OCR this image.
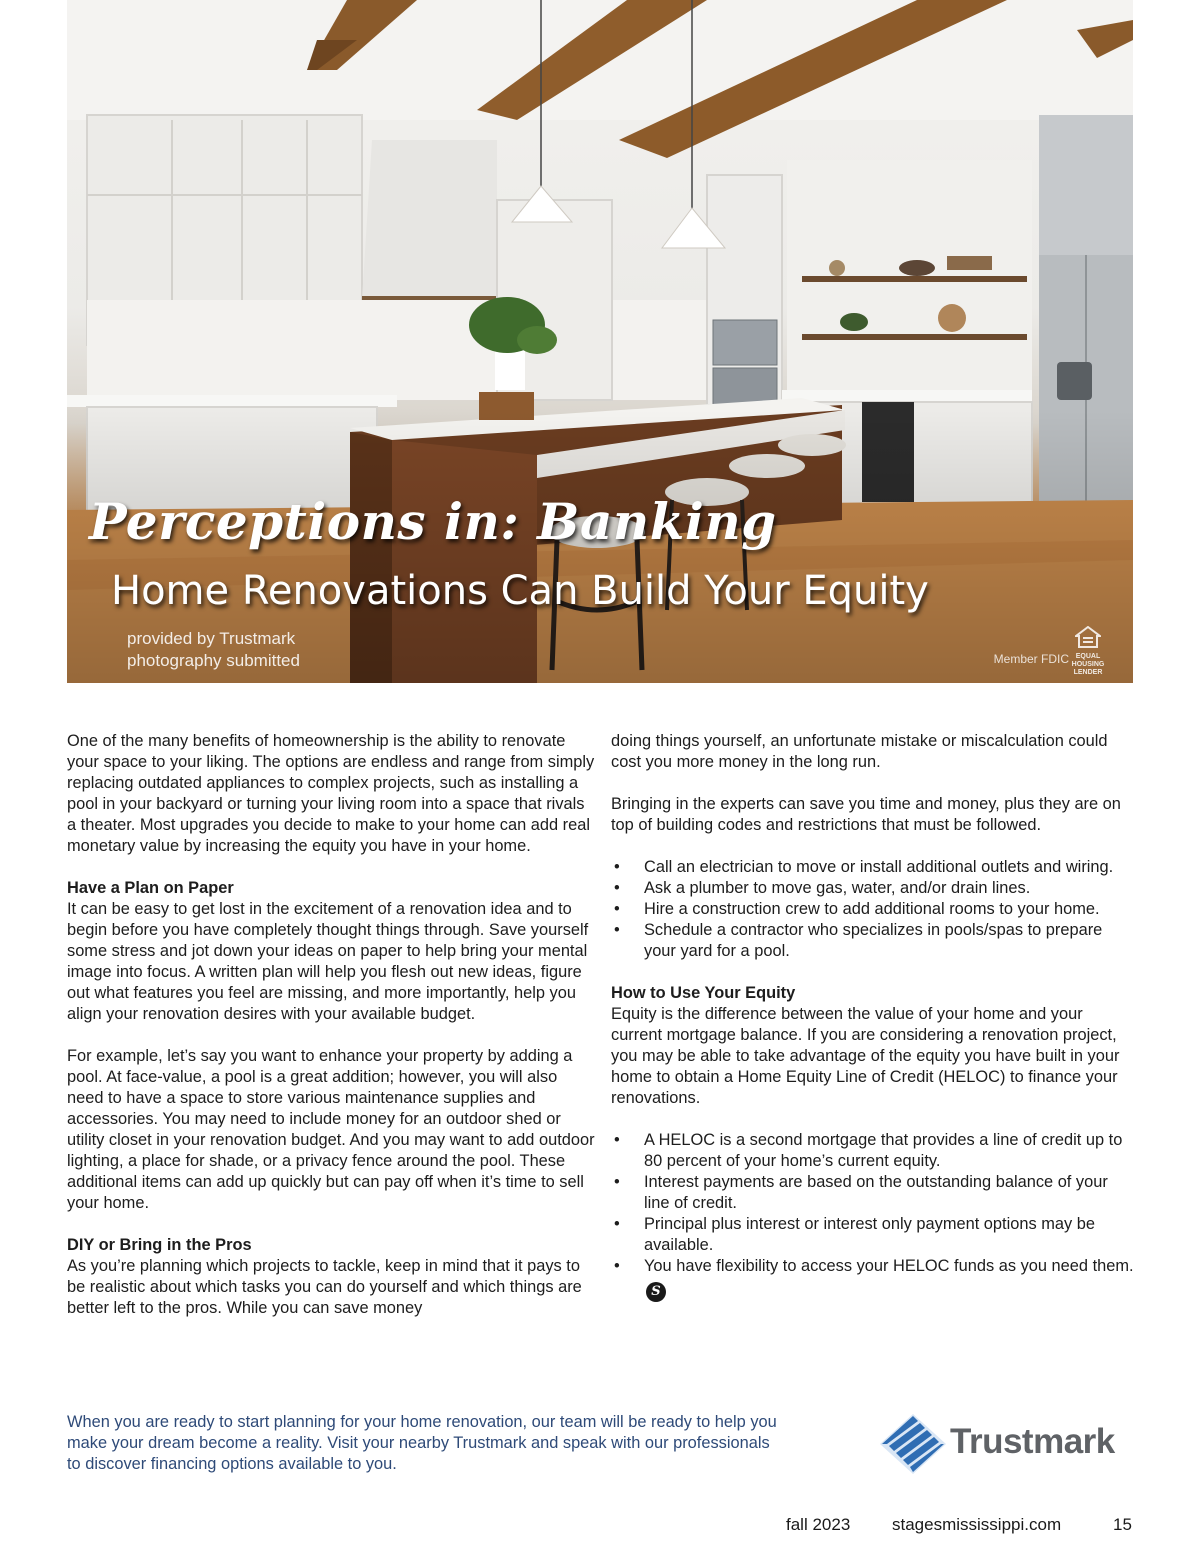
Perceptions in: Banking
Home Renovations Can Build Your Equity
provided by Trustmark
photography submitted	Member FDIC EQUAL HOUSING LENDER

One of the many benefits of homeownership is the ability to renovate your space to your liking. The options are endless and range from simply replacing outdated appliances to complex projects, such as installing a pool in your backyard or turning your living room into a space that rivals a theater. Most upgrades you decide to make to your home can add real monetary value by increasing the equity you have in your home.

Have a Plan on Paper

It can be easy to get lost in the excitement of a renovation idea and to begin before you have completely thought things through. Save yourself some stress and jot down your ideas on paper to help bring your mental image into focus. A written plan will help you flesh out new ideas, figure out what features you feel are missing, and more importantly, help you align your renovation desires with your available budget.

For example, let’s say you want to enhance your property by adding a pool. At face-value, a pool is a great addition; however, you will also need to have a space to store various maintenance supplies and accessories. You may need to include money for an outdoor shed or utility closet in your renovation budget. And you may want to add outdoor lighting, a place for shade, or a privacy fence around the pool. These additional items can add up quickly but can pay off when it’s time to sell your home.

DIY or Bring in the Pros

As you’re planning which projects to tackle, keep in mind that it pays to be realistic about which tasks you can do yourself and which things are better left to the pros. While you can save money

doing things yourself, an unfortunate mistake or miscalculation could cost you more money in the long run.

Bringing in the experts can save you time and money, plus they are on top of building codes and restrictions that must be followed.

• Call an electrician to move or install additional outlets and wiring.
• Ask a plumber to move gas, water, and/or drain lines.
• Hire a construction crew to add additional rooms to your home.
• Schedule a contractor who specializes in pools/spas to prepare your yard for a pool.
How to Use Your Equity

Equity is the difference between the value of your home and your current mortgage balance. If you are considering a renovation project, you may be able to take advantage of the equity you have built in your home to obtain a Home Equity Line of Credit (HELOC) to finance your renovations.

• A HELOC is a second mortgage that provides a line of credit up to 80 percent of your home’s current equity.
• Interest payments are based on the outstanding balance of your line of credit.
• Principal plus interest or interest only payment options may be available.
• You have flexibility to access your HELOC funds as you need them. S
When you are ready to start planning for your home renovation, our team will be ready to help you make your dream become a reality. Visit your nearby Trustmark and speak with our professionals to discover financing options available to you.
Trustmark
fall 2023 stagesmississippi.com	15
